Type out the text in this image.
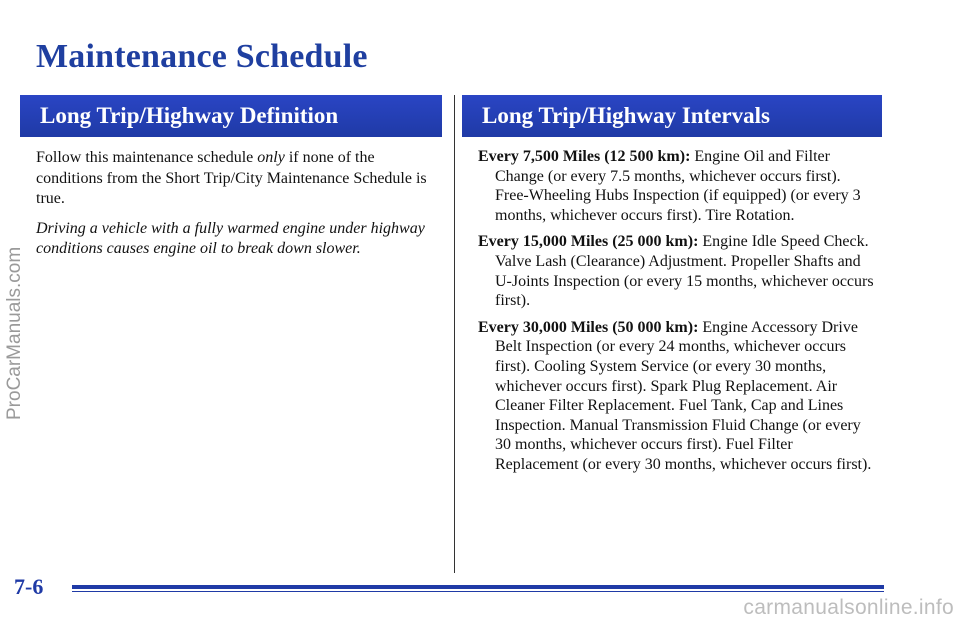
Maintenance Schedule
Long Trip/Highway Definition	Long Trip/Highway Intervals

Follow this maintenance schedule only if none of the conditions from the Short Trip/City Maintenance Schedule is true.

Driving a vehicle with a fully warmed engine under highway conditions causes engine oil to break down slower.

Every 7,500 Miles (12 500 km): Engine Oil and Filter Change (or every 7.5 months, whichever occurs first). Free-Wheeling Hubs Inspection (if equipped) (or every 3 months, whichever occurs first). Tire Rotation.

Every 15,000 Miles (25 000 km): Engine Idle Speed Check. Valve Lash (Clearance) Adjustment. Propeller Shafts and U-Joints Inspection (or every 15 months, whichever occurs first).

Every 30,000 Miles (50 000 km): Engine Accessory Drive Belt Inspection (or every 24 months, whichever occurs first). Cooling System Service (or every 30 months, whichever occurs first). Spark Plug Replacement. Air Cleaner Filter Replacement. Fuel Tank, Cap and Lines Inspection. Manual Transmission Fluid Change (or every 30 months, whichever occurs first). Fuel Filter Replacement (or every 30 months, whichever occurs first).

7-6
ProCarManuals.com
carmanualsonline.info
